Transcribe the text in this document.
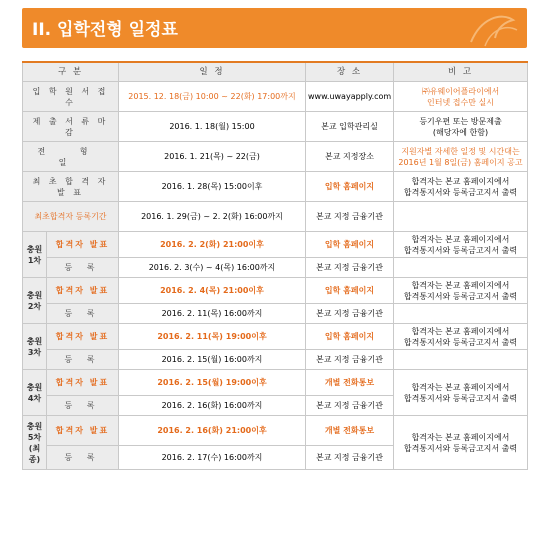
II. 입학전형 일정표
구 분		일 정	장 소	비 고
입 학 원 서 접 수		2015. 12. 18(금) 10:00 ~ 22(화) 17:00까지	www.uwayapply.com	㈜유웨이어플라이에서
인터넷 접수만 실시

제 출 서 류 마 감		2016. 1. 18(월) 15:00	본교 입학관리실	등기우편 또는 방문제출
(해당자에 한함)

전 형 일		2016. 1. 21(목) ~ 22(금)	본교 지정장소	지원자별 자세한 일정 및 시간대는
2016년 1월 8일(금) 홈페이지 공고

최 초 합 격 자 발 표		2016. 1. 28(목) 15:00이후	입학 홈페이지	합격자는 본교 홈페이지에서
합격통지서와 등록금고지서 출력

최초합격자 등록기간		2016. 1. 29(금) ~ 2. 2(화) 16:00까지	본교 지정 금융기관	

충원
1차	합격자 발표	2016. 2. 2(화) 21:00이후	입학 홈페이지	합격자는 본교 홈페이지에서
합격통지서와 등록금고지서 출력

	등 록	2016. 2. 3(수) ~ 4(목) 16:00까지	본교 지정 금융기관	

충원
2차	합격자 발표	2016. 2. 4(목) 21:00이후	입학 홈페이지	합격자는 본교 홈페이지에서
합격통지서와 등록금고지서 출력

	등 록	2016. 2. 11(목) 16:00까지	본교 지정 금융기관	

충원
3차	합격자 발표	2016. 2. 11(목) 19:00이후	입학 홈페이지	합격자는 본교 홈페이지에서
합격통지서와 등록금고지서 출력

	등 록	2016. 2. 15(월) 16:00까지	본교 지정 금융기관	

충원
4차	합격자 발표	2016. 2. 15(월) 19:00이후	개별 전화통보	합격자는 본교 홈페이지에서
합격통지서와 등록금고지서 출력

	등 록	2016. 2. 16(화) 16:00까지	본교 지정 금융기관	

충원
5차
(최종)	합격자 발표	2016. 2. 16(화) 21:00이후	개별 전화통보	합격자는 본교 홈페이지에서
합격통지서와 등록금고지서 출력

	등 록	2016. 2. 17(수) 16:00까지	본교 지정 금융기관	
